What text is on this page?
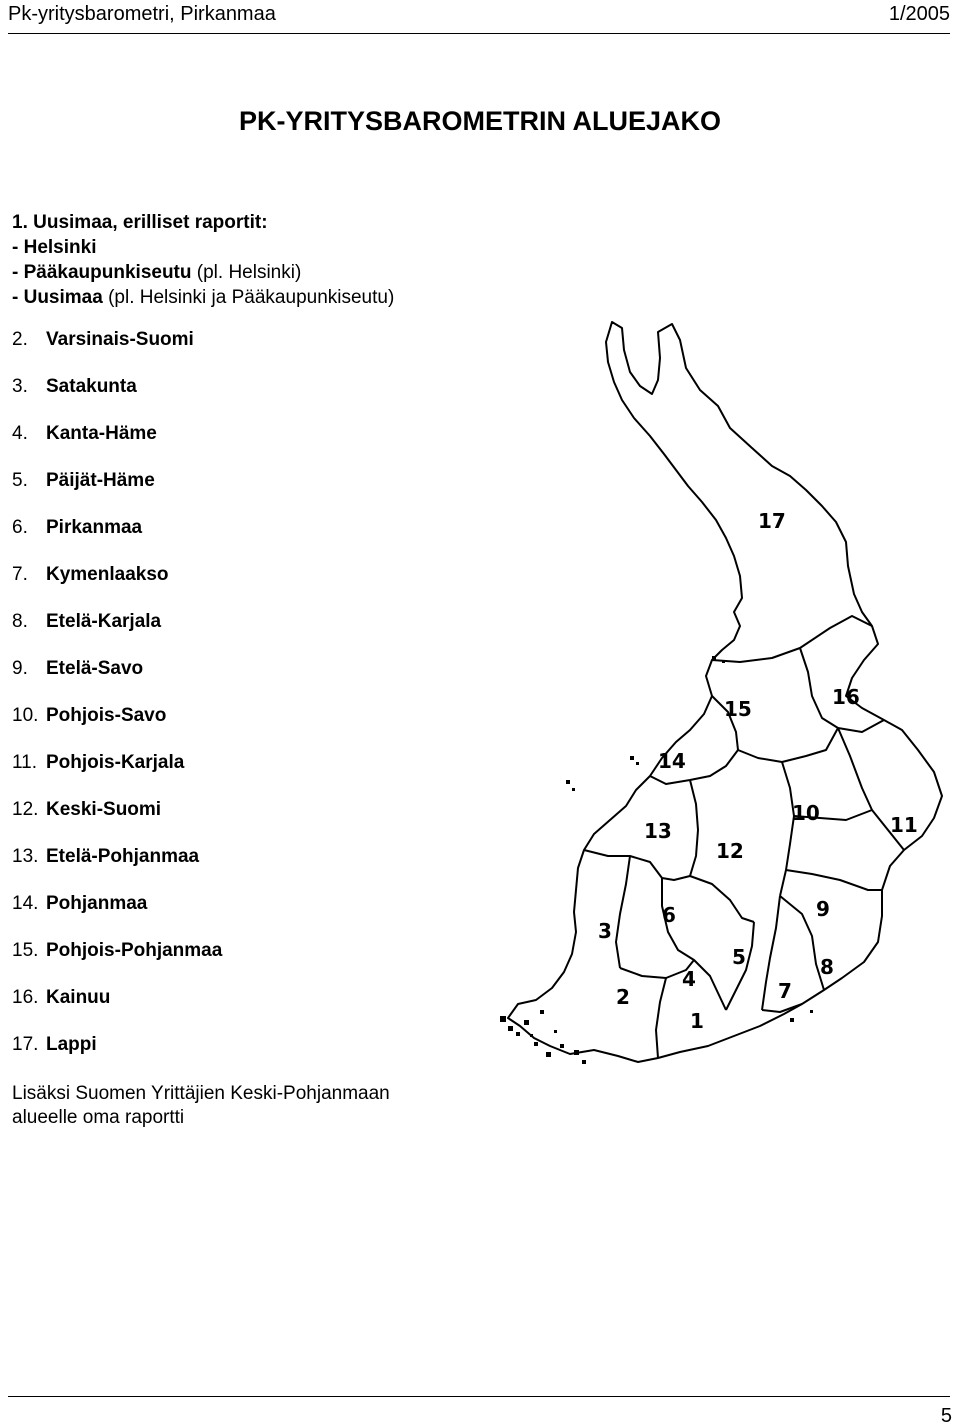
Pk-yritysbarometri, Pirkanmaa	1/2005
PK-YRITYSBAROMETRIN ALUEJAKO
1. Uusimaa, erilliset raportit:
- Helsinki
- Pääkaupunkiseutu (pl. Helsinki)
- Uusimaa (pl. Helsinki ja Pääkaupunkiseutu)
2. Varsinais-Suomi
3. Satakunta
4. Kanta-Häme
5. Päijät-Häme
6. Pirkanmaa
7. Kymenlaakso
8. Etelä-Karjala
9. Etelä-Savo
10. Pohjois-Savo
11. Pohjois-Karjala
12. Keski-Suomi
13. Etelä-Pohjanmaa
14. Pohjanmaa
15. Pohjois-Pohjanmaa
16. Kainuu
17. Lappi
Lisäksi Suomen Yrittäjien Keski-Pohjanmaan
alueelle oma raportti
17
16
15
14
13
12
11
10
9
8
7
6
5
4
3
2
1
5
